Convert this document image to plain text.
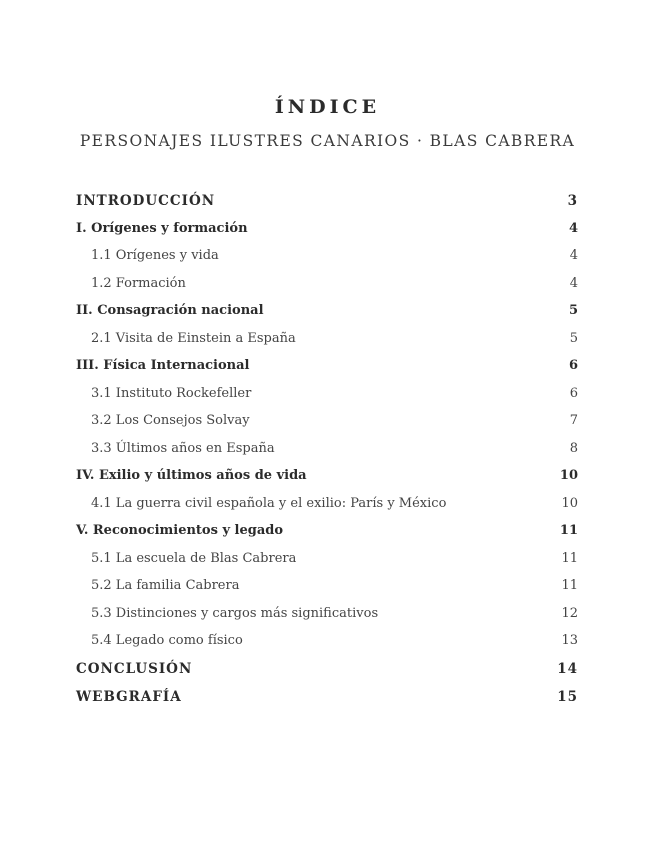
ÍNDICE
PERSONAJES ILUSTRES CANARIOS · BLAS CABRERA
INTRODUCCIÓN	3
I. Orígenes y formación	4
1.1 Orígenes y vida	4
1.2 Formación	4
II. Consagración nacional	5
2.1 Visita de Einstein a España	5
III. Física Internacional	6
3.1 Instituto Rockefeller	6
3.2 Los Consejos Solvay	7
3.3 Últimos años en España	8
IV. Exilio y últimos años de vida	10
4.1 La guerra civil española y el exilio: París y México	10
V. Reconocimientos y legado	11
5.1 La escuela de Blas Cabrera	11
5.2 La familia Cabrera	11
5.3 Distinciones y cargos más significativos	12
5.4 Legado como físico	13
CONCLUSIÓN	14
WEBGRAFÍA	15
